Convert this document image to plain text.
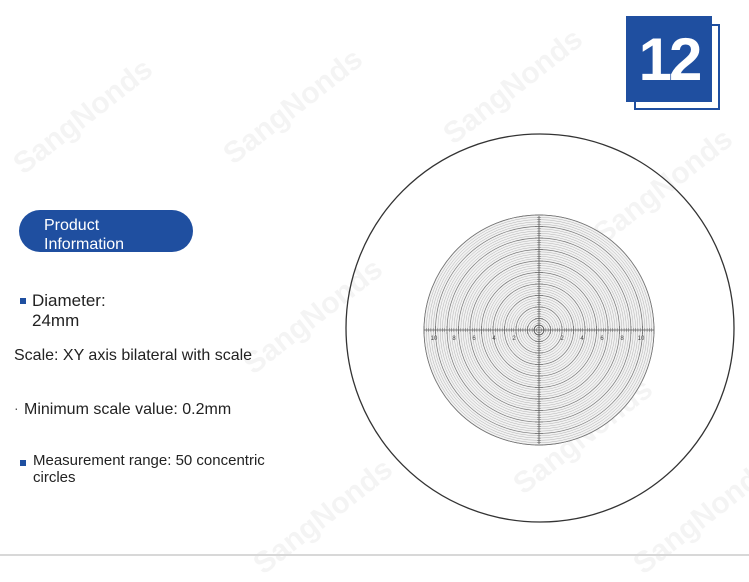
12
Product Information
Diameter:
24mm
Scale: XY axis bilateral with scale
· Minimum scale value: 0.2mm
Measurement range: 50 concentric
circles
10 8	6	4	2	2	4	6	8 10
